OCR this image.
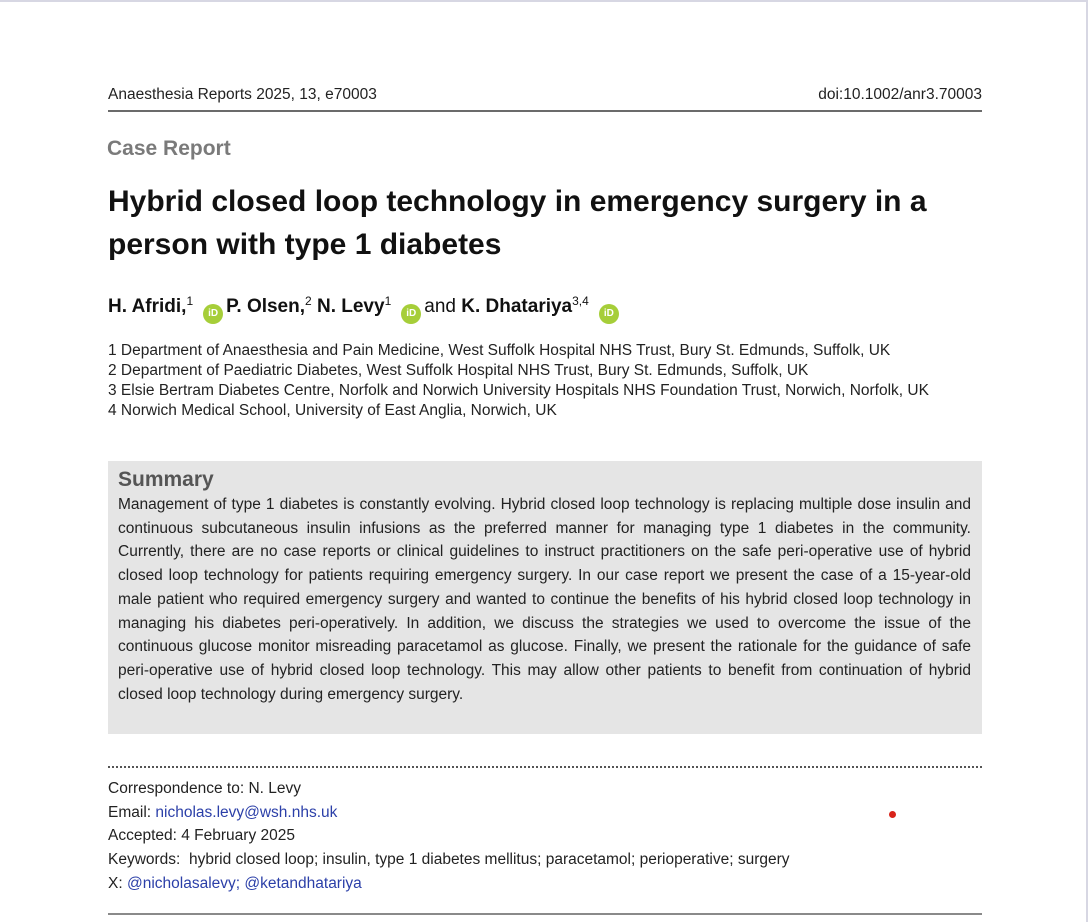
Anaesthesia Reports 2025, 13, e70003	doi:10.1002/anr3.70003
Case Report
Hybrid closed loop technology in emergency surgery in a person with type 1 diabetes
H. Afridi,$^1$iD P. Olsen,$^2$ N. Levy$^1$iD and K. Dhatariya$^{3,4}$iD
1 Department of Anaesthesia and Pain Medicine, West Suffolk Hospital NHS Trust, Bury St. Edmunds, Suffolk, UK
2 Department of Paediatric Diabetes, West Suffolk Hospital NHS Trust, Bury St. Edmunds, Suffolk, UK
3 Elsie Bertram Diabetes Centre, Norfolk and Norwich University Hospitals NHS Foundation Trust, Norwich, Norfolk, UK
4 Norwich Medical School, University of East Anglia, Norwich, UK
Summary

Management of type 1 diabetes is constantly evolving. Hybrid closed loop technology is replacing multiple dose insulin and continuous subcutaneous insulin infusions as the preferred manner for managing type 1 diabetes in the community. Currently, there are no case reports or clinical guidelines to instruct practitioners on the safe peri-operative use of hybrid closed loop technology for patients requiring emergency surgery. In our case report we present the case of a 15-year-old male patient who required emergency surgery and wanted to continue the benefits of his hybrid closed loop technology in managing his diabetes peri-operatively. In addition, we discuss the strategies we used to overcome the issue of the continuous glucose monitor misreading paracetamol as glucose. Finally, we present the rationale for the guidance of safe peri-operative use of hybrid closed loop technology. This may allow other patients to benefit from continuation of hybrid closed loop technology during emergency surgery.

Correspondence to: N. Levy
Email: nicholas.levy@wsh.nhs.uk
Accepted: 4 February 2025
Keywords: hybrid closed loop; insulin, type 1 diabetes mellitus; paracetamol; perioperative; surgery
X: @nicholasalevy; @ketandhatariya
